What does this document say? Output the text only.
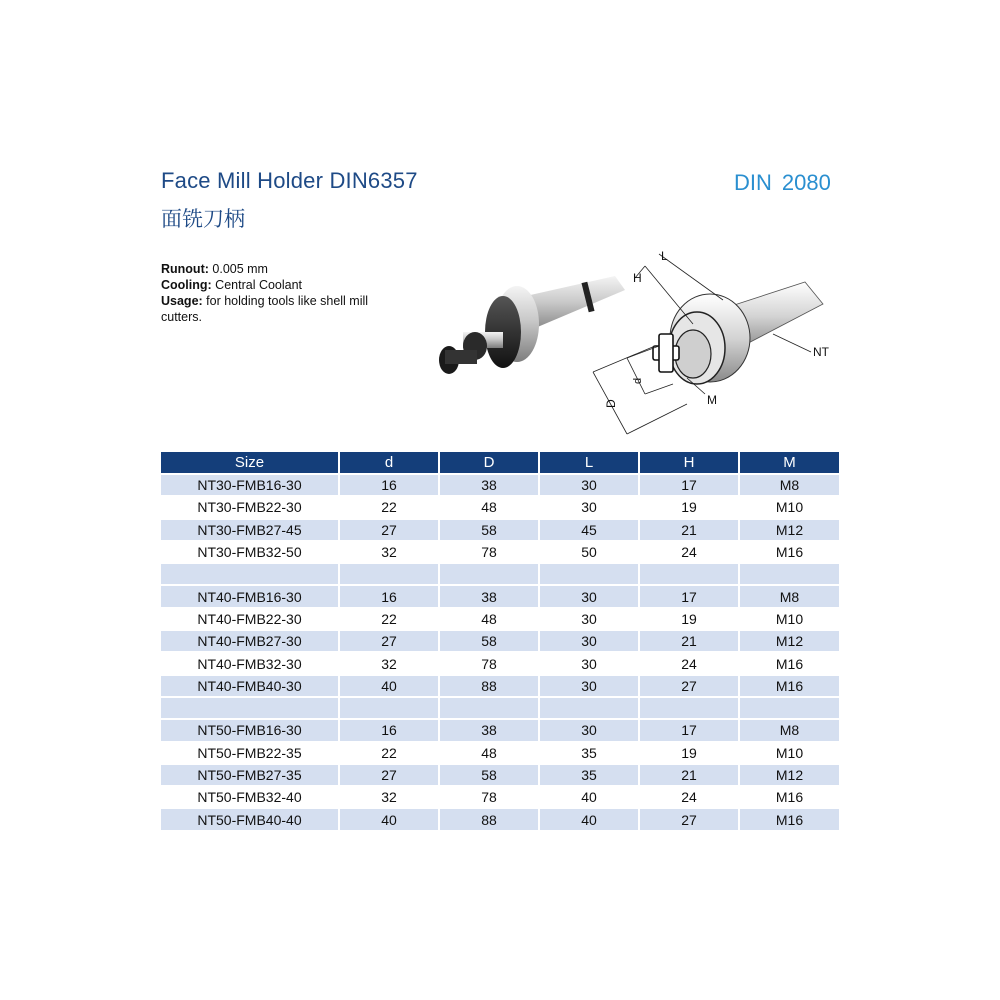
Face Mill Holder DIN6357
面铣刀柄
DIN 2080

Runout: 0.005 mm

Cooling: Central Coolant

Usage: for holding tools like shell mill cutters.

H
L
NT
d
D	M
Size	d	D	L	H	M
NT30-FMB16-30	16	38	30	17	M8
NT30-FMB22-30	22	48	30	19	M10
NT30-FMB27-45	27	58	45	21	M12
NT30-FMB32-50	32	78	50	24	M16

NT40-FMB16-30	16	38	30	17	M8
NT40-FMB22-30	22	48	30	19	M10
NT40-FMB27-30	27	58	30	21	M12
NT40-FMB32-30	32	78	30	24	M16
NT40-FMB40-30	40	88	30	27	M16

NT50-FMB16-30	16	38	30	17	M8
NT50-FMB22-35	22	48	35	19	M10
NT50-FMB27-35	27	58	35	21	M12
NT50-FMB32-40	32	78	40	24	M16
NT50-FMB40-40	40	88	40	27	M16
